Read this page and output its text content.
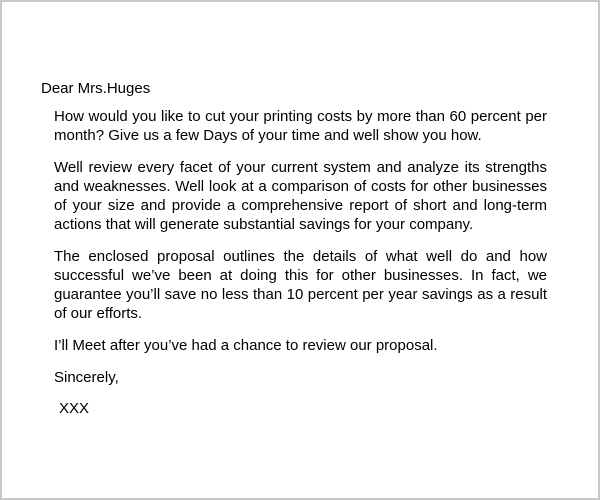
Dear Mrs.Huges

How would you like to cut your printing costs by more than 60 percent per month? Give us a few Days of your time and well show you how.

Well review every facet of your current system and analyze its strengths and weaknesses. Well look at a comparison of costs for other businesses of your size and provide a comprehensive report of short and long-term actions that will generate substantial savings for your company.

The enclosed proposal outlines the details of what well do and how successful we’ve been at doing this for other businesses. In fact, we guarantee you’ll save no less than 10 percent per year savings as a result of our efforts.

I’ll Meet after you’ve had a chance to review our proposal.

Sincerely,

XXX
